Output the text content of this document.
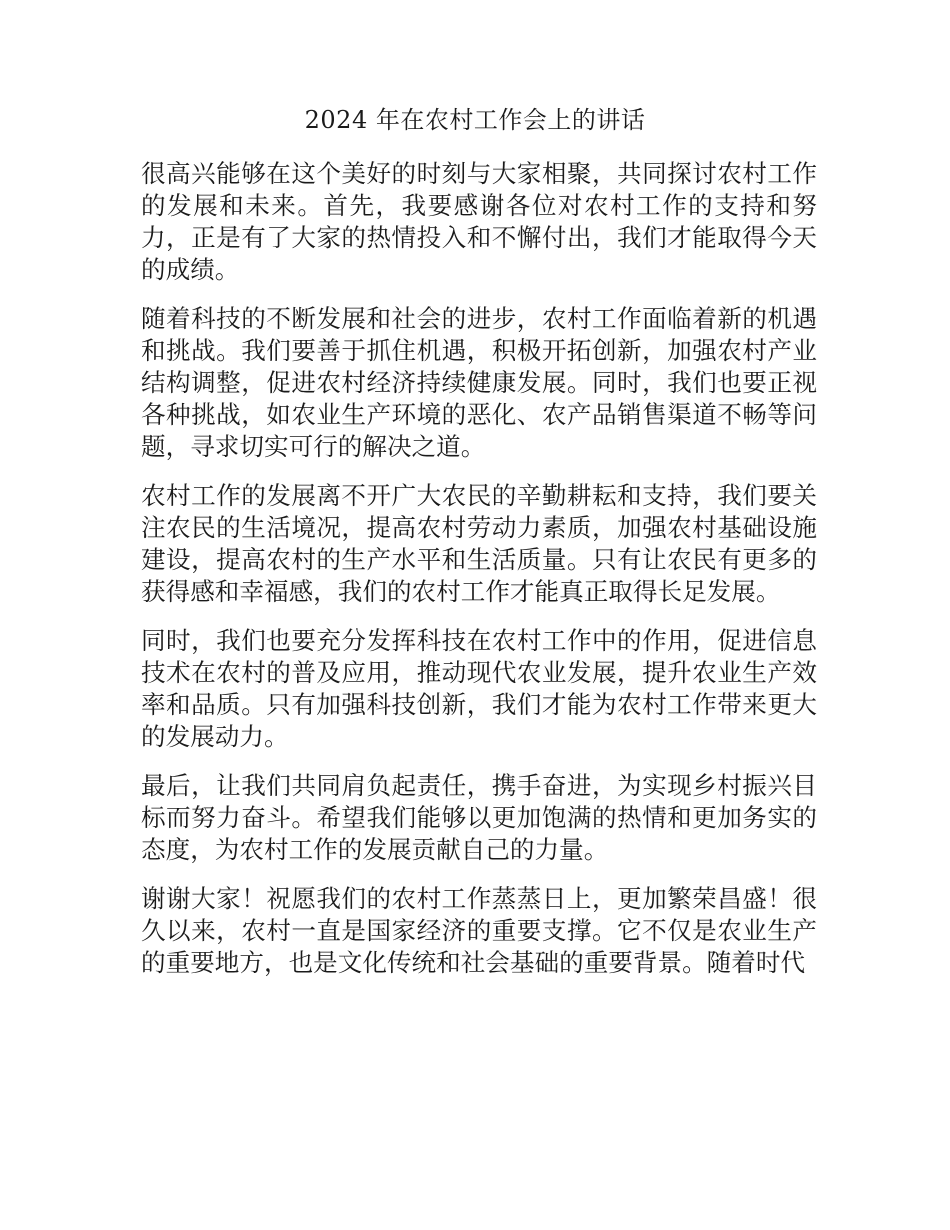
2024 年在农村工作会上的讲话

很高兴能够在这个美好的时刻与大家相聚，共同探讨农村工作的发展和未来。首先，我要感谢各位对农村工作的支持和努力，正是有了大家的热情投入和不懈付出，我们才能取得今天的成绩。

随着科技的不断发展和社会的进步，农村工作面临着新的机遇和挑战。我们要善于抓住机遇，积极开拓创新，加强农村产业结构调整，促进农村经济持续健康发展。同时，我们也要正视各种挑战，如农业生产环境的恶化、农产品销售渠道不畅等问题，寻求切实可行的解决之道。

农村工作的发展离不开广大农民的辛勤耕耘和支持，我们要关注农民的生活境况，提高农村劳动力素质，加强农村基础设施建设，提高农村的生产水平和生活质量。只有让农民有更多的获得感和幸福感，我们的农村工作才能真正取得长足发展。

同时，我们也要充分发挥科技在农村工作中的作用，促进信息技术在农村的普及应用，推动现代农业发展，提升农业生产效率和品质。只有加强科技创新，我们才能为农村工作带来更大的发展动力。

最后，让我们共同肩负起责任，携手奋进，为实现乡村振兴目标而努力奋斗。希望我们能够以更加饱满的热情和更加务实的态度，为农村工作的发展贡献自己的力量。

谢谢大家！祝愿我们的农村工作蒸蒸日上，更加繁荣昌盛！很久以来，农村一直是国家经济的重要支撑。它不仅是农业生产的重要地方，也是文化传统和社会基础的重要背景。随着时代
